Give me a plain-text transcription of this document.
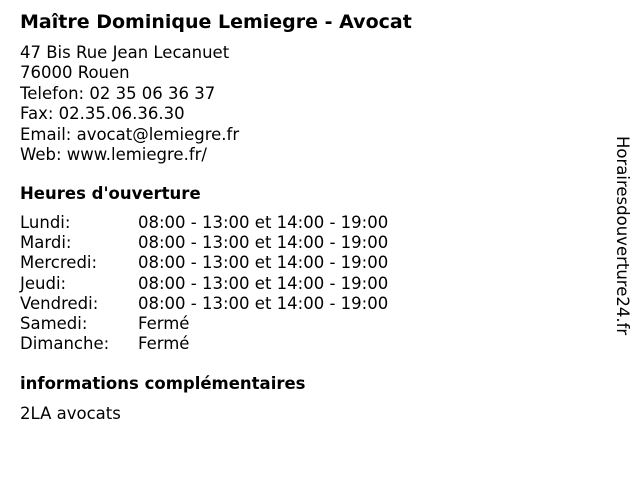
Maître Dominique Lemiegre - Avocat
47 Bis Rue Jean Lecanuet
76000 Rouen
Telefon: 02 35 06 36 37
Fax: 02.35.06.36.30
Email: avocat@lemiegre.fr
Web: www.lemiegre.fr/
Heures d'ouverture
Lundi:	08:00 - 13:00 et 14:00 - 19:00
Mardi:	08:00 - 13:00 et 14:00 - 19:00
Mercredi: 08:00 - 13:00 et 14:00 - 19:00
Jeudi:	08:00 - 13:00 et 14:00 - 19:00
Vendredi: 08:00 - 13:00 et 14:00 - 19:00
Samedi:	Fermé
Dimanche: Fermé
informations complémentaires
2LA avocats
Horairesdouverture24.fr
